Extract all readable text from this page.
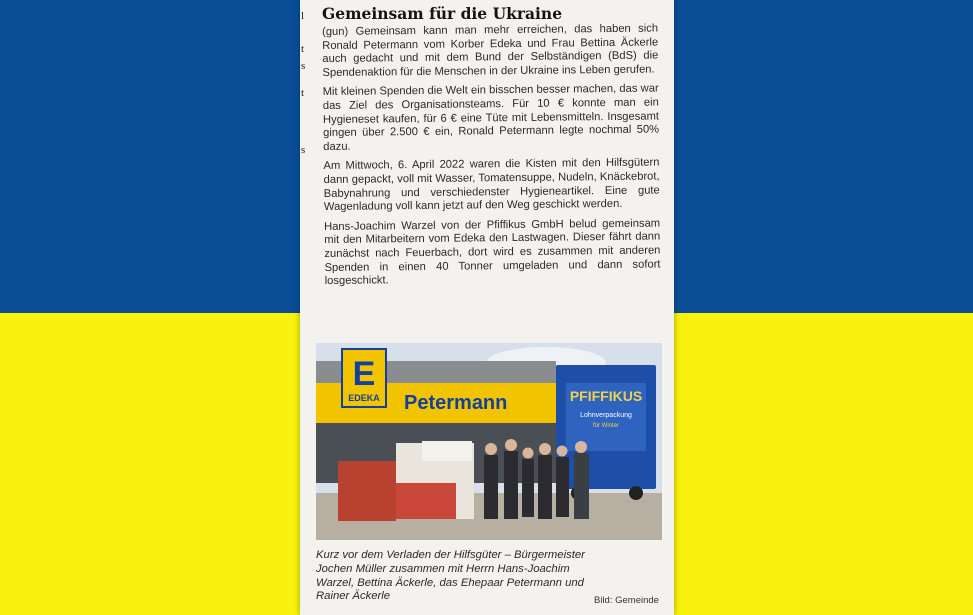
l
t
s
t
s
Gemeinsam für die Ukraine

(gun) Gemeinsam kann man mehr erreichen, das haben sich Ronald Petermann vom Korber Edeka und Frau Bettina Äckerle auch gedacht und mit dem Bund der Selbständigen (BdS) die Spendenaktion für die Menschen in der Ukraine ins Leben gerufen.

Mit kleinen Spenden die Welt ein bisschen besser machen, das war das Ziel des Organisationsteams. Für 10 € konnte man ein Hygieneset kaufen, für 6 € eine Tüte mit Lebensmitteln. Insgesamt gingen über 2.500 € ein, Ronald Petermann legte nochmal 50% dazu.

Am Mittwoch, 6. April 2022 waren die Kisten mit den Hilfsgütern dann gepackt, voll mit Wasser, Tomatensuppe, Nudeln, Knäckebrot, Babynahrung und verschiedenster Hygieneartikel. Eine gute Wagenladung voll kann jetzt auf den Weg geschickt werden.

Hans-Joachim Warzel von der Pfiffikus GmbH belud gemeinsam mit den Mitarbeitern vom Edeka den Lastwagen. Dieser fährt dann zunächst nach Feuerbach, dort wird es zusammen mit anderen Spenden in einen 40 Tonner umgeladen und dann sofort losgeschickt.

E
EDEKA Petermann	PFIFFIKUS
Lohnverpackung
für Winter
Kurz vor dem Verladen der Hilfsgüter – Bürgermeister Jochen Müller zusammen mit Herrn Hans-Joachim Warzel, Bettina Äckerle, das Ehepaar Petermann und Rainer Äckerle	Bild: Gemeinde
